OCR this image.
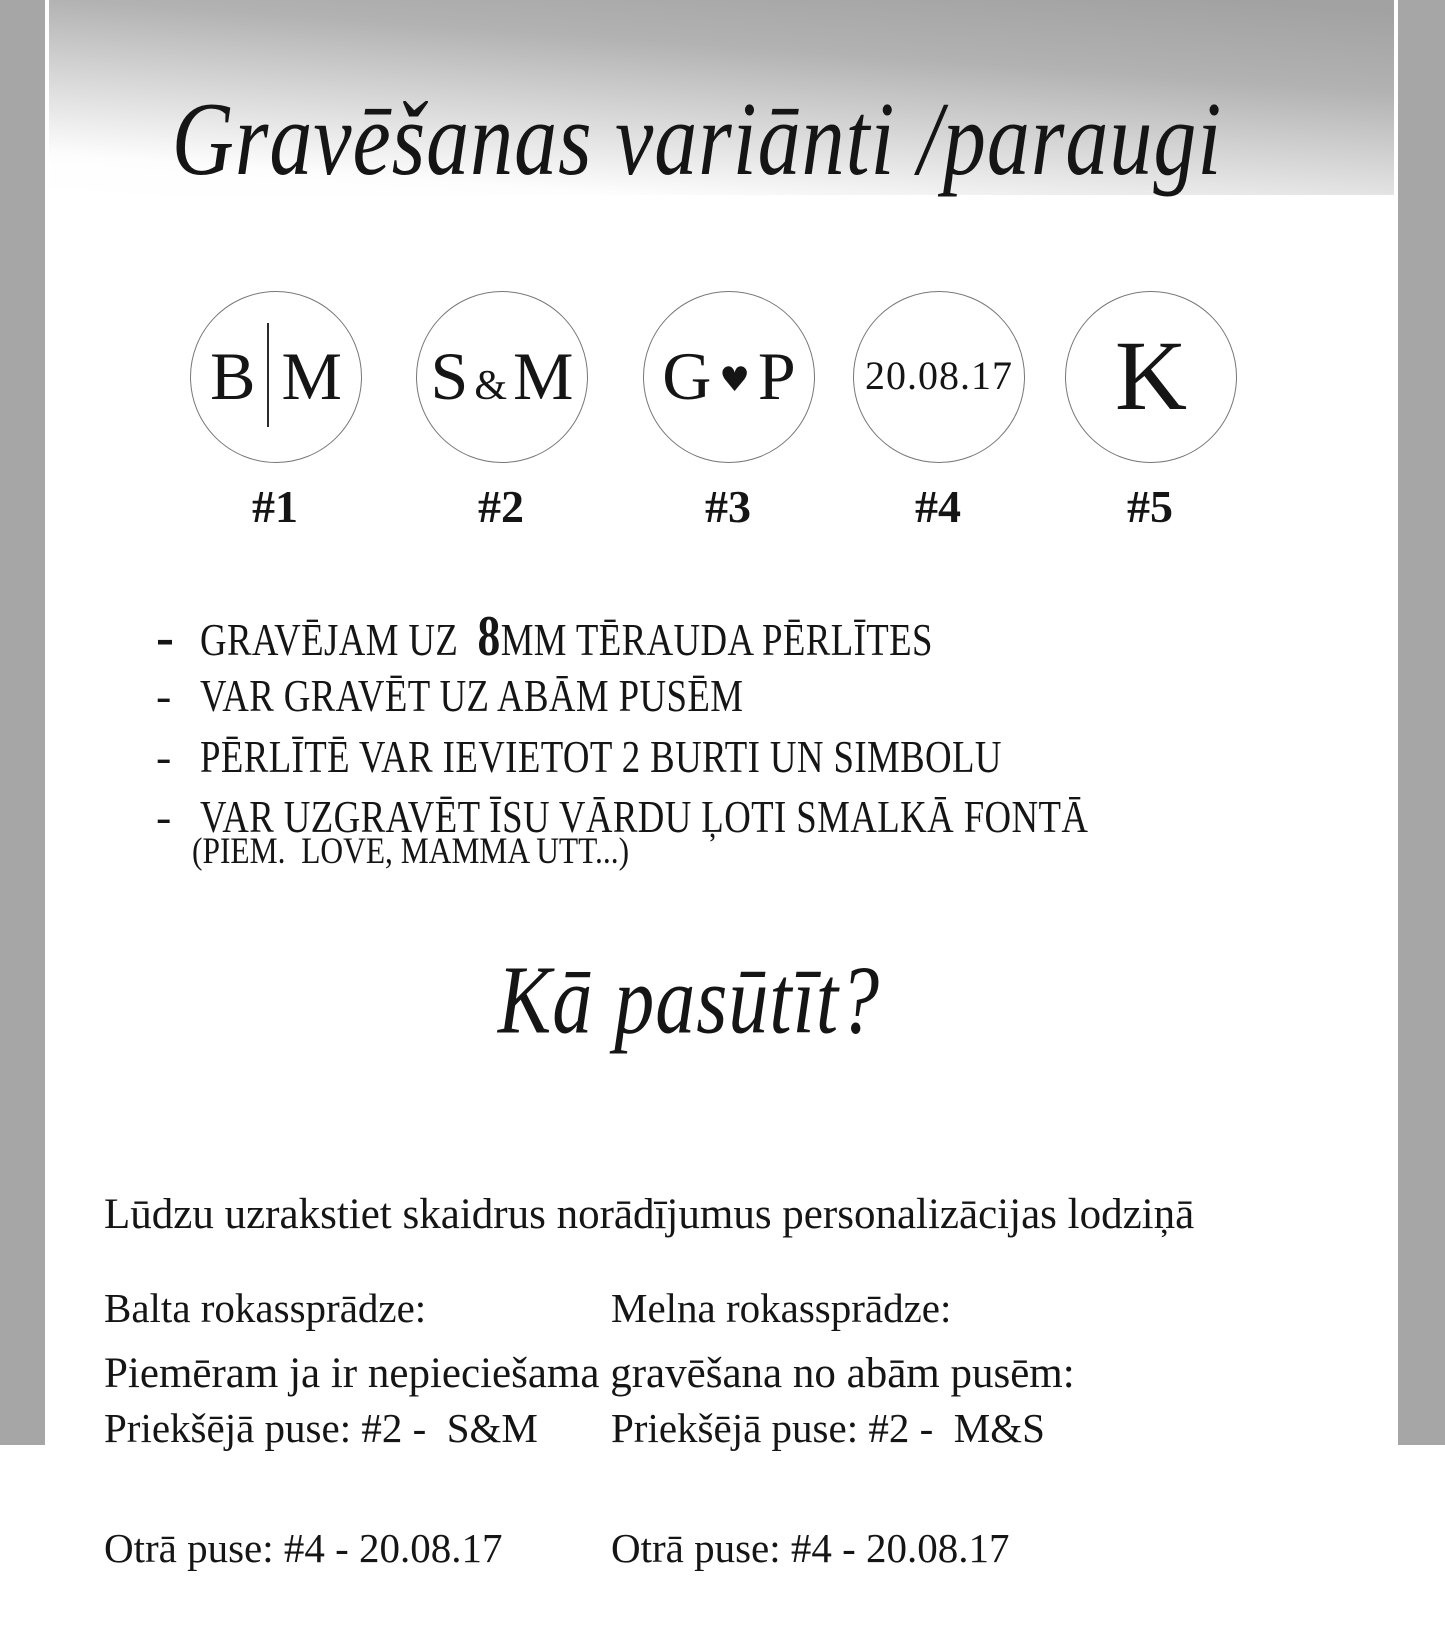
Gravēšanas variānti /paraugi
B M S &M G ♥ P	20.08.17	K
#1	#2	#3	#4	#5

- GRAVĒJAM UZ  8MM TĒRAUDA PĒRLĪTES

- VAR GRAVĒT UZ ABĀM PUSĒM

- PĒRLĪTĒ VAR IEVIETOT 2 BURTI UN SIMBOLU

- VAR UZGRAVĒT ĪSU VĀRDU ĻOTI SMALKĀ FONTĀ

(PIEM.  LOVE, MAMMA UTT...)
Kā pasūtīt?

Lūdzu uzrakstiet skaidrus norādījumus personalizācijas lodziņā

Piemēram ja ir nepieciešama gravēšana no abām pusēm:

Balta rokassprādze:

Priekšējā puse: #2 -  S&M

Otrā puse: #4 - 20.08.17

Melna rokassprādze:

Priekšējā puse: #2 -  M&S

Otrā puse: #4 - 20.08.17
